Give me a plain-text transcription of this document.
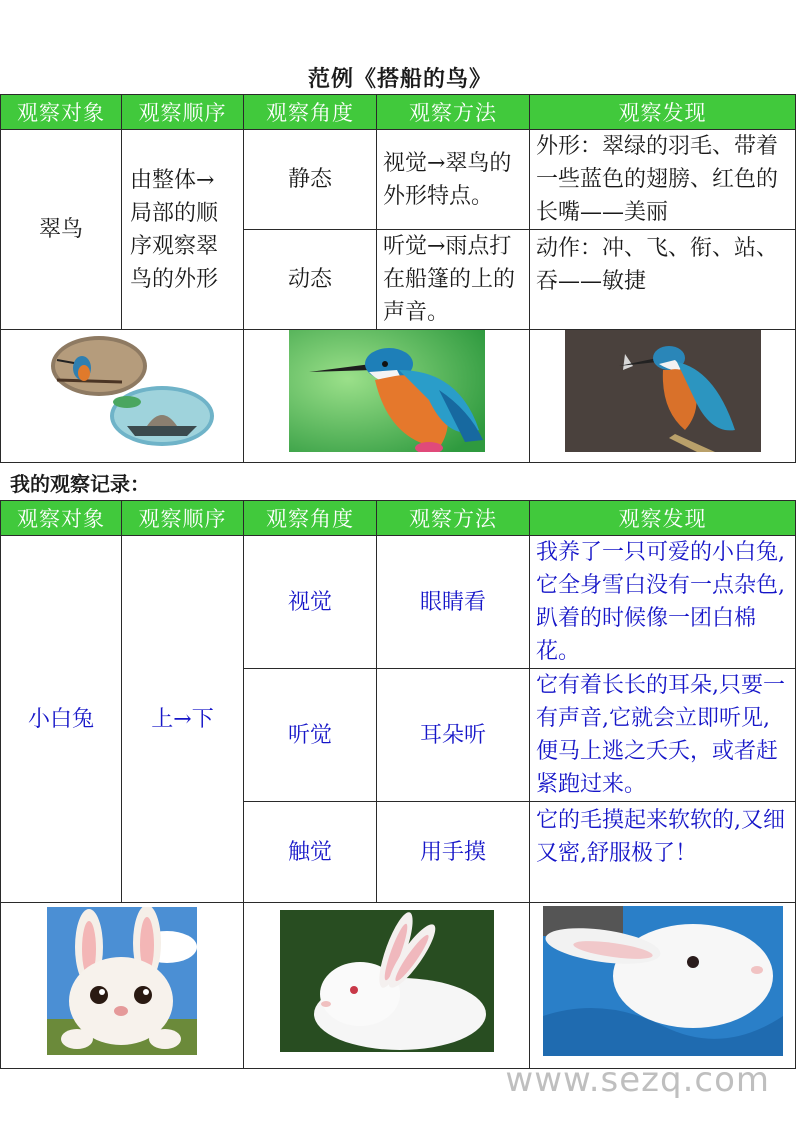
范例《搭船的鸟》
观察对象	观察顺序	观察角度	观察方法	观察发现
翠鸟	由整体→局部的顺序观察翠鸟的外形	静态	视觉→翠鸟的外形特点。	外形：翠绿的羽毛、带着一些蓝色的翅膀、红色的长嘴——美丽
		动态	听觉→雨点打在船篷的上的声音。	动作：冲、飞、衔、站、吞——敏捷

我的观察记录：
观察对象	观察顺序	观察角度	观察方法	观察发现
小白兔	上→下	视觉	眼睛看	我养了一只可爱的小白兔,它全身雪白没有一点杂色,趴着的时候像一团白棉花。
		听觉	耳朵听	它有着长长的耳朵,只要一有声音,它就会立即听见,便马上逃之夭夭，或者赶紧跑过来。
		触觉	用手摸	它的毛摸起来软软的,又细又密,舒服极了！

www.sezq.com
